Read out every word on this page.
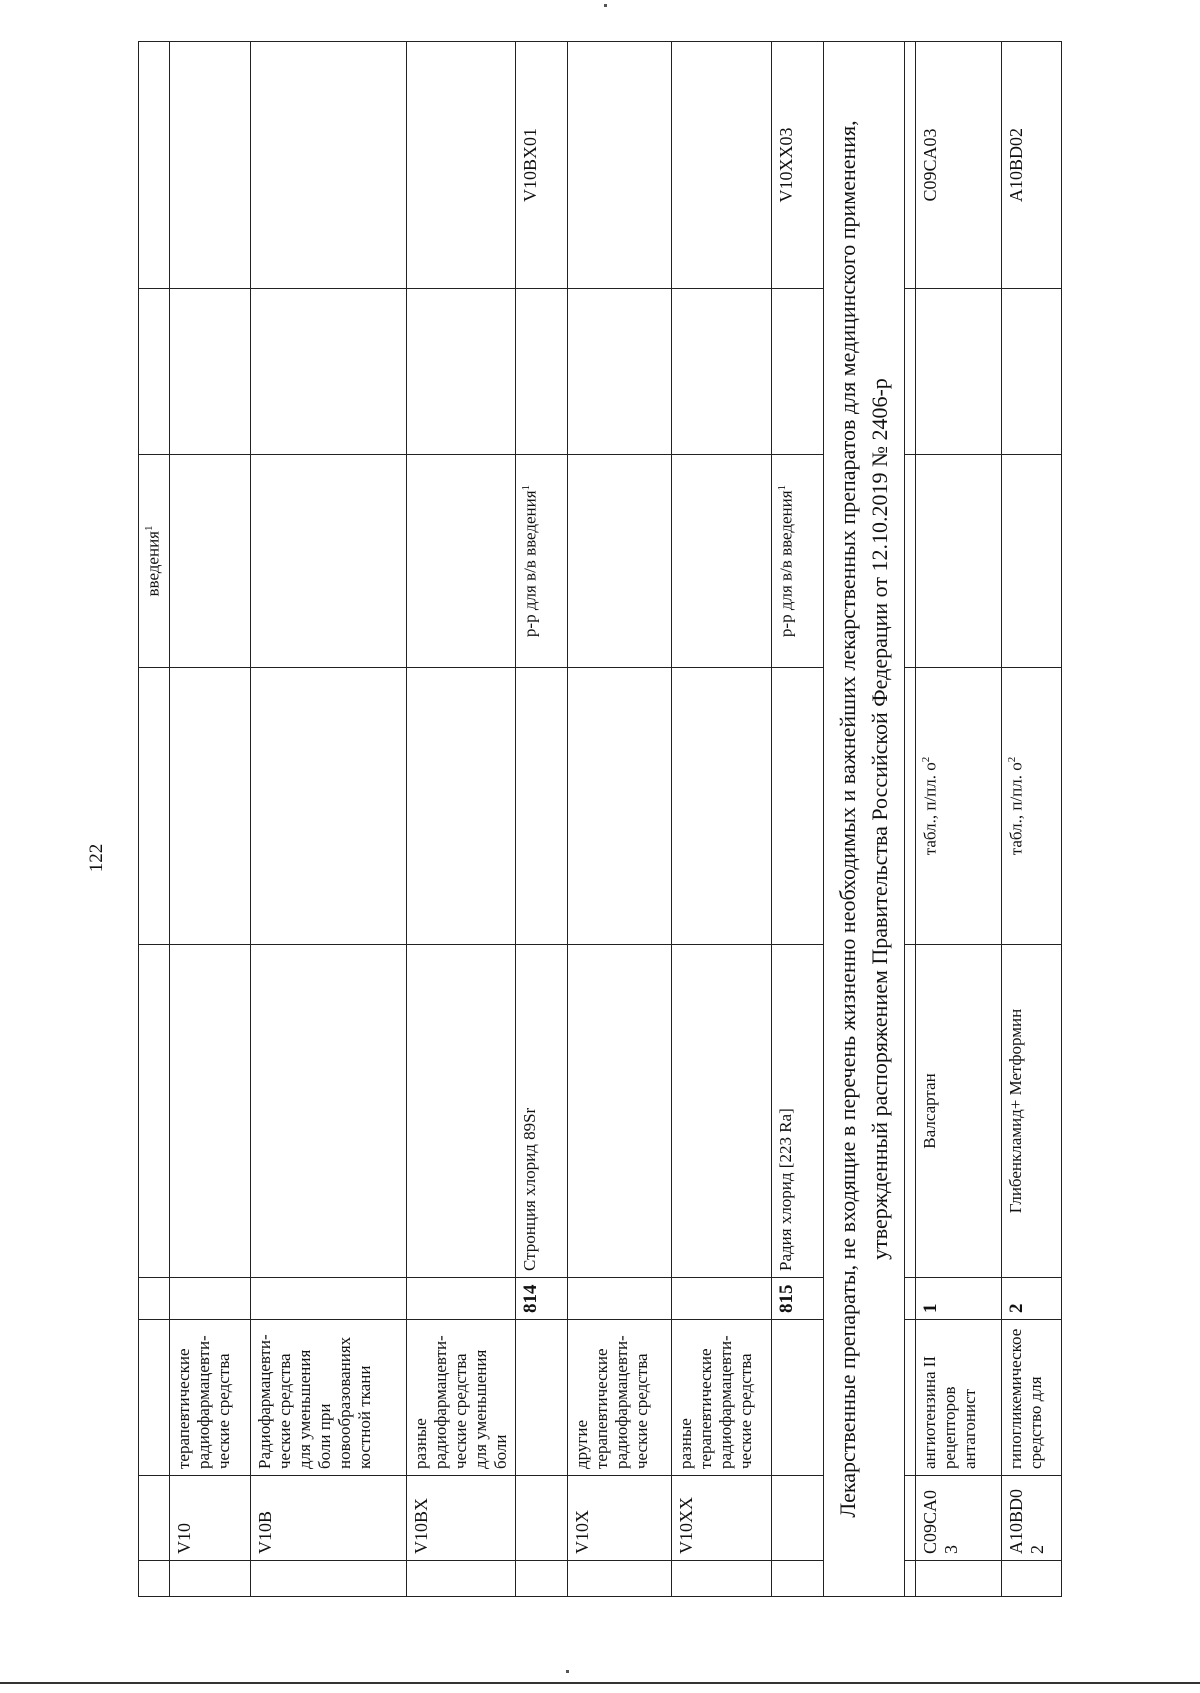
122
						введения$^1$		
	V10	терапевтические радиофармацевти-ческие средства						
	V10B	Радиофармацевти-ческие средства для уменьшения боли при новообразованиях костной ткани						
	V10BX	разные радиофармацевти-ческие средства для уменьшения боли						
			814	Стронция хлорид 89Sr		р-р для в/в введения$^1$		V10BX01
	V10X	другие терапевтические радиофармацевти-ческие средства						
	V10XX	разные терапевтические радиофармацевти-ческие средства						
			815	Радия хлорид [223 Ra]		р-р для в/в введения$^1$		V10XX03
Лекарственные препараты, не входящие в перечень жизненно необходимых и важнейших лекарственных препаратов для медицинского применения, утвержденный распоряжением Правительства Российской Федерации от 12.10.2019 № 2406-р								

	C09CA03	ангиотензина II рецепторов антагонист	1	Валсартан	табл., п/пл. $о^2$			C09CA03
	A10BD02	гипогликемическое средство для	2	Глибенкламид+ Метформин	табл., п/пл. $о^2$			A10BD02
